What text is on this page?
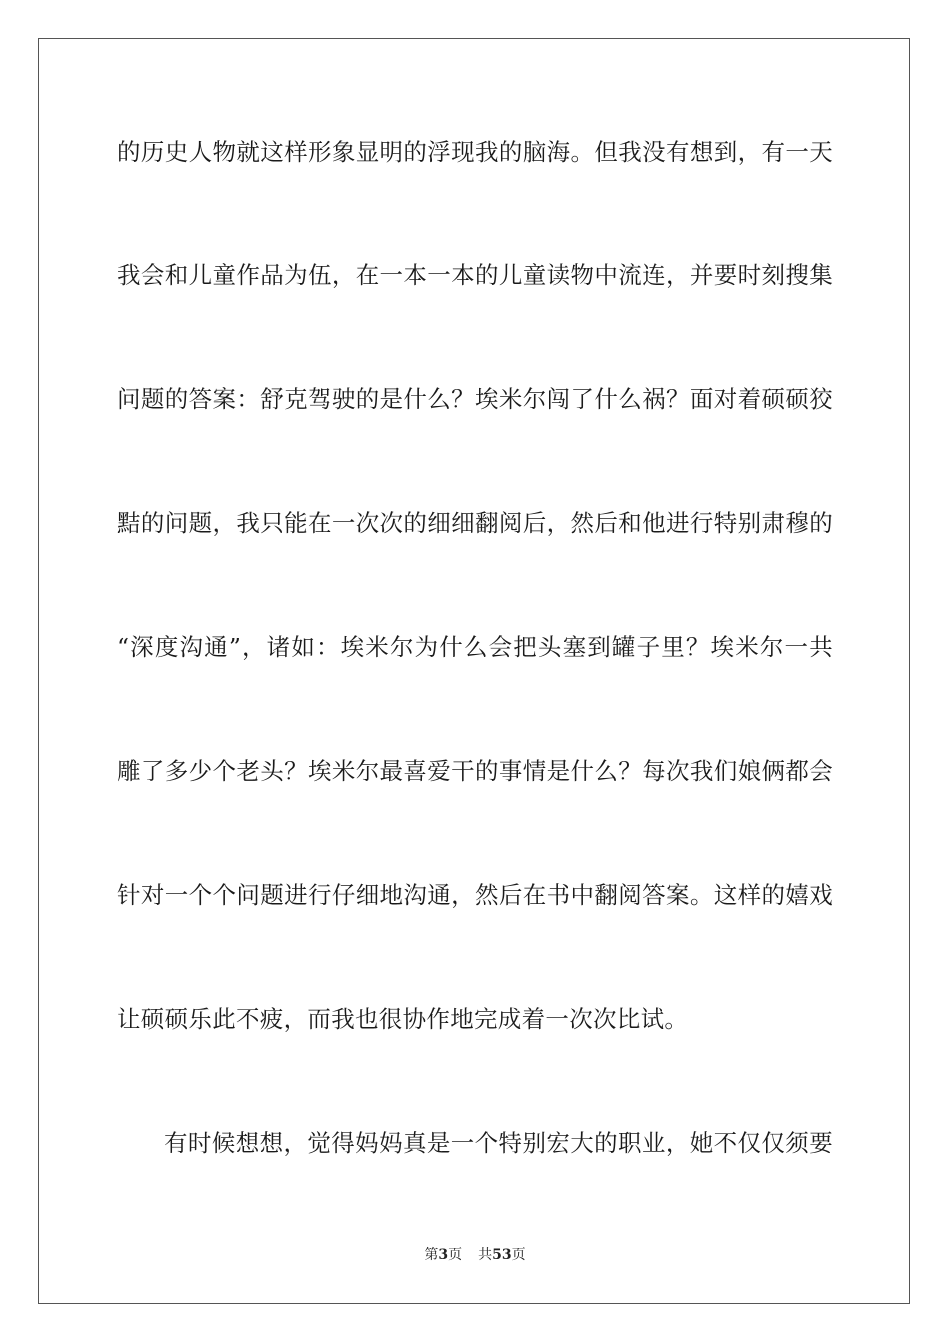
的历史人物就这样形象显明的浮现我的脑海。但我没有想到，有一天
我会和儿童作品为伍，在一本一本的儿童读物中流连，并要时刻搜集
问题的答案：舒克驾驶的是什么？埃米尔闯了什么祸？面对着硕硕狡
黠的问题，我只能在一次次的细细翻阅后，然后和他进行特别肃穆的
“深度沟通”，诸如：埃米尔为什么会把头塞到罐子里？埃米尔一共
雕了多少个老头？埃米尔最喜爱干的事情是什么？每次我们娘俩都会
针对一个个问题进行仔细地沟通，然后在书中翻阅答案。这样的嬉戏
让硕硕乐此不疲，而我也很协作地完成着一次次比试。
有时候想想，觉得妈妈真是一个特别宏大的职业，她不仅仅须要
第3页 共53页
